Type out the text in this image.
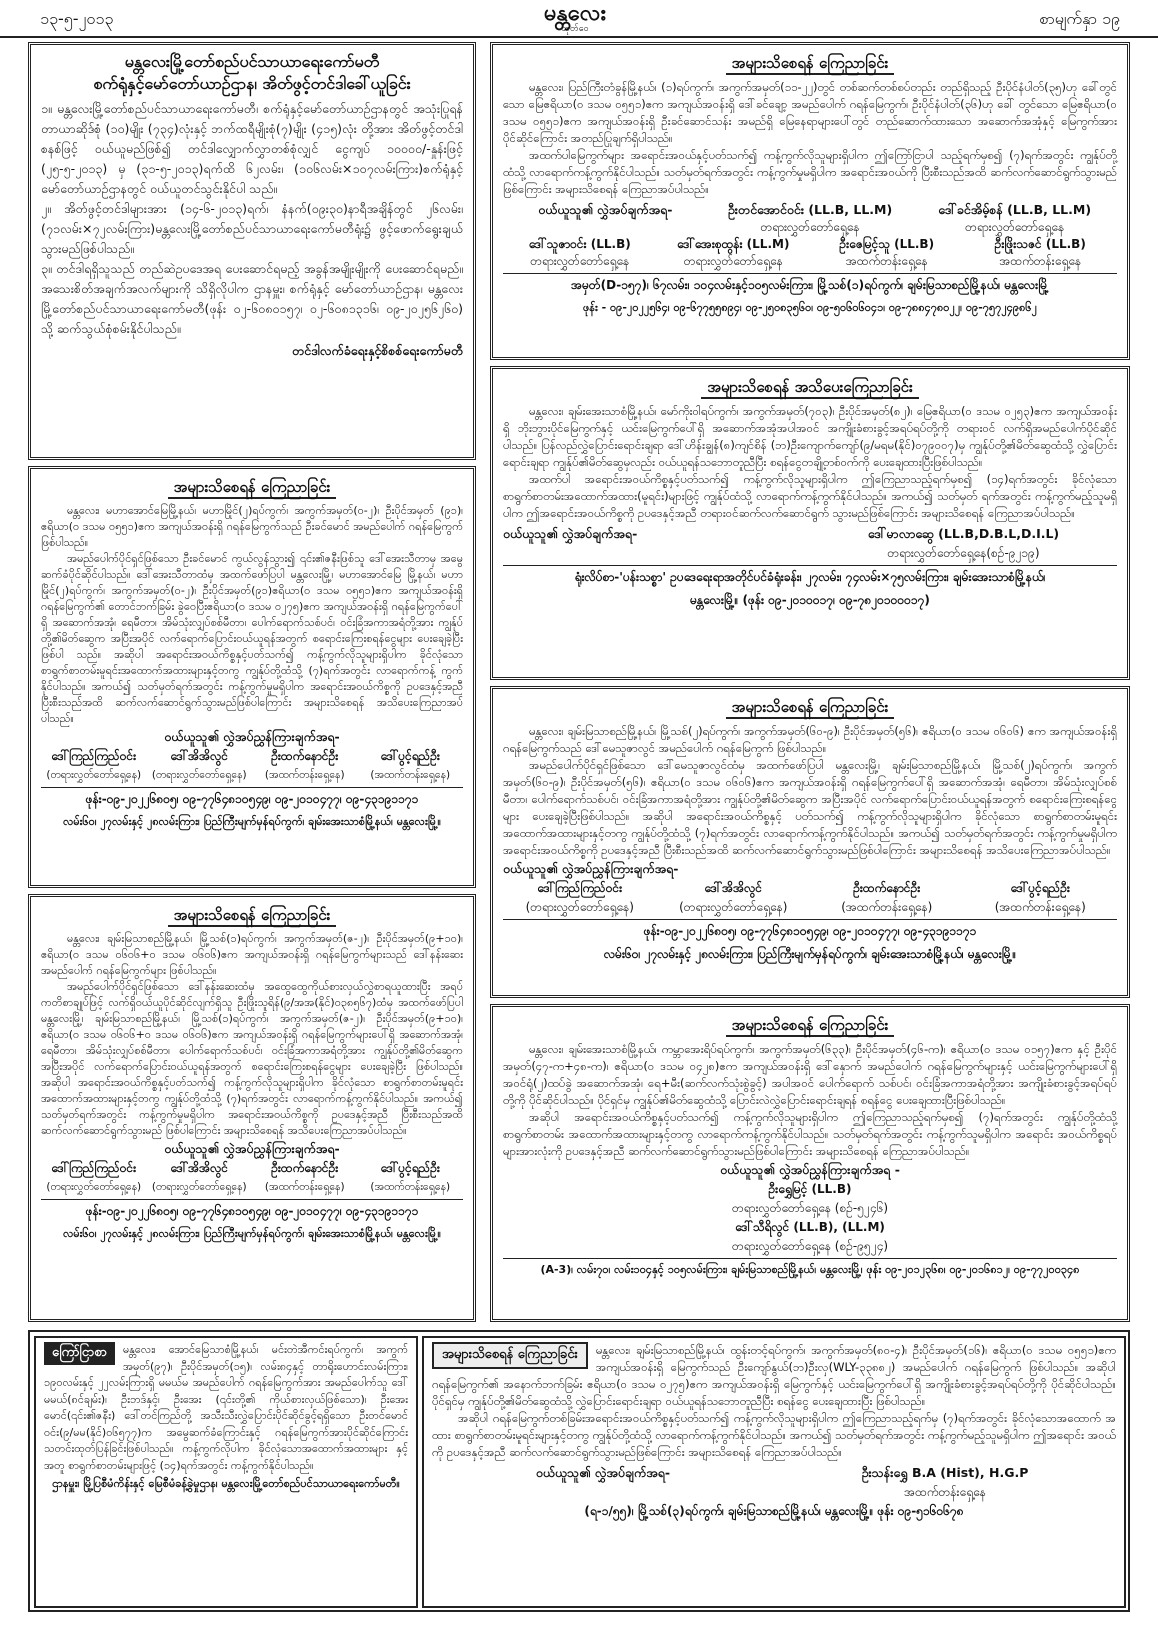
၁၃-၅-၂၀၁၃	မန္တလေး
ထုတ်ဝေ
စာမျက်နှာ ၁၉
မန္တလေးမြို့တော်စည်ပင်သာယာရေးကော်မတီ
စက်ရုံနှင့်မော်တော်ယာဉ်ဌာန၊ အိတ်ဖွင့်တင်ဒါခေါ်ယူခြင်း

၁။ မန္တလေးမြို့တော်စည်ပင်သာယာရေးကော်မတီ၊ စက်ရုံနှင့်မော်တော်ယာဉ်ဌာနတွင် အသုံးပြုရန် တာယာဆိုဒ်စုံ (၁၀)မျိုး (၇၃၄)လုံးနှင့် ဘက်ထရီမျိုးစုံ(၇)မျိုး (၄၁၅)လုံး တို့အား အိတ်ဖွင့်တင်ဒါစနစ်ဖြင့် ဝယ်ယူမည်ဖြစ်၍ တင်ဒါလျှောက်လွှာတစ်စုံလျှင် ငွေကျပ် ၁၀၀၀၀/-နှုန်းဖြင့် (၂၅-၅-၂၀၁၃) မှ (၃၁-၅-၂၀၁၃)ရက်ထိ ၆၂လမ်း၊ (၁၀၆လမ်း×၁၀၇လမ်းကြား)စက်ရုံနှင့်မော်တော်ယာဉ်ဌာနတွင် ဝယ်ယူတင်သွင်းနိုင်ပါ သည်။

၂။ အိတ်ဖွင့်တင်ဒါများအား (၁၄-၆-၂၀၁၃)ရက်၊ နံနက်(၀၉း၃၀)နာရီအချိန်တွင် ၂၆လမ်း၊ (၇၁လမ်း×၇၂လမ်းကြား)မန္တလေးမြို့တော်စည်ပင်သာယာရေးကော်မတီရုံး၌ ဖွင့်ဖောက်ရွေးချယ်သွားမည်ဖြစ်ပါသည်။

၃။ တင်ဒါရရှိသူသည် တည်ဆဲဥပဒေအရ ပေးဆောင်ရမည့် အခွန်အမျိုးမျိုးကို ပေးဆောင်ရမည်။ အသေးစိတ်အချက်အလက်များကို သိရှိလိုပါက ဌာနမှူး၊ စက်ရုံနှင့် မော်တော်ယာဉ်ဌာန၊ မန္တလေးမြို့တော်စည်ပင်သာယာရေးကော်မတီ(ဖုန်း ၀၂-၆၀၈၀၁၅၇၊ ၀၂-၆၀၈၁၃၁၆၊ ၀၉-၂၀၂၅၆၂၆၀) သို့ ဆက်သွယ်စုံစမ်းနိုင်ပါသည်။

တင်ဒါလက်ခံရေးနှင့်စိစစ်ရေးကော်မတီ
အများသိစေရန် ကြေညာခြင်း

မန္တလေး၊ ပြည်ကြီးတံခွန်မြို့နယ်၊ (၁)ရပ်ကွက်၊ အကွက်အမှတ်(၁၁-၂၂)တွင် တစ်ဆက်တစ်စပ်တည်း တည်ရှိသည့် ဦးပိုင်နံပါတ်(၃၅)ဟု ခေါ်တွင်သော မြေဧရိယာ(၀ ဒသမ ၀၅၅၁)ဧက အကျယ်အဝန်းရှိ ဒေါ်ခင်ချော့ အမည်ပေါက် ဂရန်မြေကွက်၊ ဦးပိုင်နံပါတ်(၃၆)ဟု ခေါ် တွင်သော မြေဧရိယာ(၀ ဒသမ ၀၅၅၁)ဧက အကျယ်အဝန်းရှိ ဦးခင်ဆောင်သန်း အမည်ရှိ မြေနေရာများပေါ်တွင် တည်ဆောက်ထားသော အဆောက်အအုံနှင့် မြေကွက်အား ပိုင်ဆိုင်ကြောင်း အတည်ပြုချက်ရှိပါသည်။

အထက်ပါမြေကွက်များ အရောင်းအဝယ်နှင့်ပတ်သက်၍ ကန့်ကွက်လိုသူများရှိပါက ဤကြော်ငြာပါ သည့်ရက်မှစ၍ (၇)ရက်အတွင်း ကျွန်ုပ်တို့ထံသို့ လာရောက်ကန့်ကွက်နိုင်ပါသည်။ သတ်မှတ်ရက်အတွင်း ကန့်ကွက်မှုမရှိပါက အရောင်းအဝယ်ကို ပြီးစီးသည်အထိ ဆက်လက်ဆောင်ရွက်သွားမည်ဖြစ်ကြောင်း အများသိစေရန် ကြေညာအပ်ပါသည်။

ဝယ်ယူသူ၏ လွှဲအပ်ချက်အရ-	ဦးတင်အောင်ဝင်း (LL.B, LL.M)	ဒေါ်ခင်အိမ့်စန် (LL.B, LL.M)
တရားလွှတ်တော်ရှေ့နေ	တရားလွှတ်တော်ရှေ့နေ
ဒေါ်သူဇာဝင်း (LL.B)	ဒေါ်အေးစုထွန်း (LL.M)	ဦးဇေမြင့်သူ (LL.B)	ဦးဖြိုးသဇင် (LL.B)
တရားလွှတ်တော်ရှေ့နေ	တရားလွှတ်တော်ရှေ့နေ	အထက်တန်းရှေ့နေ	အထက်တန်းရှေ့နေ
အမှတ်(D-၁၅၇)၊ ၆၇လမ်း၊ ၁၀၄လမ်းနှင့်၁၀၅လမ်းကြား၊ မြို့သစ်(၁)ရပ်ကွက်၊ ချမ်းမြသာစည်မြို့နယ်၊ မန္တလေးမြို့
ဖုန်း - ၀၉-၂၀၂၂၅၆၄၊ ၀၉-၆၇၇၅၅၈၉၄၊ ၀၉-၂၅၀၈၃၅၆၀၊ ၀၉-၅၀၆၀၆၀၄၁၊ ၀၉-၇၈၈၄၇၈၀၂၂၊ ၀၉-၇၅၇၂၄၉၈၆၂
အများသိစေရန် ကြေညာခြင်း

မန္တလေး၊ မဟာအောင်မြေမြို့နယ်၊ မဟာမြိုင်(၂)ရပ်ကွက်၊ အကွက်အမှတ်(၀-၂)၊ ဦးပိုင်အမှတ် (၉၁)၊ ဧရိယာ(၀ ဒသမ ၀၅၅၁)ဧက အကျယ်အဝန်းရှိ ဂရန်မြေကွက်သည် ဦးခင်မောင် အမည်ပေါက် ဂရန်မြေကွက် ဖြစ်ပါသည်။

အမည်ပေါက်ပိုင်ရှင်ဖြစ်သော ဦးခင်မောင် ကွယ်လွန်သွား၍ ၎င်း၏ဇနီးဖြစ်သူ ဒေါ်အေးသီတာမှ အမွေဆက်ခံပိုင်ဆိုင်ပါသည်။ ဒေါ်အေးသီတာထံမှ အထက်ဖော်ပြပါ မန္တလေးမြို့၊ မဟာအောင်မြေ မြို့နယ်၊ မဟာမြိုင်(၂)ရပ်ကွက်၊ အကွက်အမှတ်(၀-၂)၊ ဦးပိုင်အမှတ်(၉၁)ဧရိယာ(၀ ဒသမ ၀၅၅၁)ဧက အကျယ်အဝန်းရှိ ဂရန်မြေကွက်၏ တောင်ဘက်ခြမ်း ခွဲဝေပြီးဧရိယာ(၀ ဒသမ ၀၂၇၅)ဧက အကျယ်အဝန်းရှိ ဂရန်မြေကွက်ပေါ်ရှိ အဆောက်အအုံ၊ ရေမီတာ၊ အိမ်သုံးလျှပ်စစ်မီတာ၊ ပေါက်ရောက်သစ်ပင်၊ ဝင်းခြံအကာအရံတို့အား ကျွန်ုပ်တို့၏မိတ်ဆွေက အပြီးအပိုင် လက်ရောက်ပြောင်းဝယ်ယူရန်အတွက် စရောင်းကြေးစရန်ငွေများ ပေးချေခဲ့ပြီးဖြစ်ပါ သည်။ အဆိုပါ အရောင်းအဝယ်ကိစ္စနှင့်ပတ်သက်၍ ကန့်ကွက်လိုသူများရှိပါက ခိုင်လုံသော စာရွက်စာတမ်းမူရင်းအထောက်အထားများနှင့်တကွ ကျွန်ုပ်တို့ထံသို့ (၇)ရက်အတွင်း လာရောက်ကန့် ကွက်နိုင်ပါသည်။ အကယ်၍ သတ်မှတ်ရက်အတွင်း ကန့်ကွက်မှုမရှိပါက အရောင်းအဝယ်ကိစ္စကို ဥပဒေနှင့်အညီ ပြီးစီးသည်အထိ ဆက်လက်ဆောင်ရွက်သွားမည်ဖြစ်ပါကြောင်း အများသိစေရန် အသိပေးကြေညာအပ်ပါသည်။

ဝယ်ယူသူ၏ လွှဲအပ်ညွှန်ကြားချက်အရ-
ဒေါ်ကြည်ကြည်ဝင်း	ဒေါ်အိအိလွင်	ဦးထက်နောင်ဦး	ဒေါ်ပွင့်ရည်ဦး
(တရားလွှတ်တော်ရှေ့နေ)	(တရားလွှတ်တော်ရှေ့နေ)	(အထက်တန်းရှေ့နေ)	(အထက်တန်းရှေ့နေ)
ဖုန်း-၀၉-၂၀၂၂၆၈၀၅၊ ၀၉-၇၇၆၄၈၁၀၅၄၉၊ ၀၉-၂၀၁၀၄၇၇၊ ၀၉-၄၃၁၉၁၁၇၁
လမ်း၆၀၊ ၂၇လမ်းနှင့် ၂၈လမ်းကြား၊ ပြည်ကြီးမျက်မှန်ရပ်ကွက်၊ ချမ်းအေးသာစံမြို့နယ်၊ မန္တလေးမြို့။
အများသိစေရန် အသိပေးကြေညာခြင်း

မန္တလေး၊ ချမ်းအေးသာစံမြို့နယ်၊ မော်ကိုးဝါရပ်ကွက်၊ အကွက်အမှတ်(၇၀၃)၊ ဦးပိုင်အမှတ်(၈၂)၊ မြေဧရိယာ(၀ ဒသမ ၀၂၅၃)ဧက အကျယ်အဝန်းရှိ ဘိုးဘွားပိုင်မြေကွက်နှင့် ယင်းမြေကွက်ပေါ်ရှိ အဆောက်အအုံအပါအဝင် အကျိုးခံစားခွင့်အရပ်ရပ်တို့ကို တရားဝင် လက်ရှိအမည်ပေါက်ပိုင်ဆိုင်ပါသည်။ ပြန်လည်လွှဲပြောင်းရောင်းချရာ ဒေါ်ဟိန်းချွန်(၈)ကျင်စိန် (ဘ)ဦးကျောက်ကျော်(၉/မရမ(နိုင်)၀၇၉၀၀၇)မှ ကျွန်ုပ်တို့၏မိတ်ဆွေထံသို့ လွှဲပြောင်းရောင်းချရာ ကျွန်ုပ်၏မိတ်ဆွေမှလည်း ဝယ်ယူရန်သဘောတူညီပြီး စရန်ငွေတချို့တစ်ဝက်ကို ပေးချေထားပြီးဖြစ်ပါသည်။

အထက်ပါ အရောင်းအဝယ်ကိစ္စနှင့်ပတ်သက်၍ ကန့်ကွက်လိုသူများရှိပါက ဤကြေညာသည့်ရက်မှစ၍ (၁၄)ရက်အတွင်း ခိုင်လုံသော စာရွက်စာတမ်းအထောက်အထား(မူရင်း)များဖြင့် ကျွန်ုပ်ထံသို့ လာရောက်ကန့်ကွက်နိုင်ပါသည်။ အကယ်၍ သတ်မှတ် ရက်အတွင်း ကန့်ကွက်မည့်သူမရှိပါက ဤအရောင်းအဝယ်ကိစ္စကို ဥပဒေနှင့်အညီ တရားဝင်ဆက်လက်ဆောင်ရွက် သွားမည်ဖြစ်ကြောင်း အများသိစေရန် ကြေညာအပ်ပါသည်။

ဝယ်ယူသူ၏ လွှဲအပ်ချက်အရ-	ဒေါ်မာလာဆွေ (LL.B,D.B.L,D.I.L)
တရားလွှတ်တော်ရှေ့နေ(စဉ်-၉၂၁၉)
ရုံးလိပ်စာ-'ပန်းသစ္စာ' ဥပဒေရေးရာအတိုင်ပင်ခံရုံးခန်း၊ ၂၇လမ်း၊ ၇၄လမ်း×၇၅လမ်းကြား၊ ချမ်းအေးသာစံမြို့နယ်၊
မန္တလေးမြို့။ (ဖုန်း ၀၉-၂၀၁၀၀၁၇၊ ၀၉-၇၈၂၀၁၀၀၀၁၇)
အများသိစေရန် ကြေညာခြင်း

မန္တလေး၊ ချမ်းမြသာစည်မြို့နယ်၊ မြို့သစ်(၂)ရပ်ကွက်၊ အကွက်အမှတ်(၆၀-၉)၊ ဦးပိုင်အမှတ်(၅၆)၊ ဧရိယာ(၀ ဒသမ ၀၆၀၆) ဧက အကျယ်အဝန်းရှိ ဂရန်မြေကွက်သည် ဒေါ်မေသူဇာလွင် အမည်ပေါက် ဂရန်မြေကွက် ဖြစ်ပါသည်။

အမည်ပေါက်ပိုင်ရှင်ဖြစ်သော ဒေါ်မေသူဇာလွင်ထံမှ အထက်ဖော်ပြပါ မန္တလေးမြို့၊ ချမ်းမြသာစည်မြို့နယ်၊ မြို့သစ်(၂)ရပ်ကွက်၊ အကွက်အမှတ်(၆၀-၉)၊ ဦးပိုင်အမှတ်(၅၆)၊ ဧရိယာ(၀ ဒသမ ၀၆၀၆)ဧက အကျယ်အဝန်းရှိ ဂရန်မြေကွက်ပေါ်ရှိ အဆောက်အအုံ၊ ရေမီတာ၊ အိမ်သုံးလျှပ်စစ်မီတာ၊ ပေါက်ရောက်သစ်ပင်၊ ဝင်းခြံအကာအရံတို့အား ကျွန်ုပ်တို့၏မိတ်ဆွေက အပြီးအပိုင် လက်ရောက်ပြောင်းဝယ်ယူရန်အတွက် စရောင်းကြေးစရန်ငွေများ ပေးချေခဲ့ပြီးဖြစ်ပါသည်။ အဆိုပါ အရောင်းအဝယ်ကိစ္စနှင့် ပတ်သက်၍ ကန့်ကွက်လိုသူများရှိပါက ခိုင်လုံသော စာရွက်စာတမ်းမူရင်းအထောက်အထားများနှင့်တကွ ကျွန်ုပ်တို့ထံသို့ (၇)ရက်အတွင်း လာရောက်ကန့်ကွက်နိုင်ပါသည်။ အကယ်၍ သတ်မှတ်ရက်အတွင်း ကန့်ကွက်မှုမရှိပါက အရောင်းအဝယ်ကိစ္စကို ဥပဒေနှင့်အညီ ပြီးစီးသည်အထိ ဆက်လက်ဆောင်ရွက်သွားမည်ဖြစ်ပါကြောင်း အများသိစေရန် အသိပေးကြေညာအပ်ပါသည်။

ဝယ်ယူသူ၏ လွှဲအပ်ညွှန်ကြားချက်အရ-
ဒေါ်ကြည်ကြည်ဝင်း	ဒေါ်အိအိလွင်	ဦးထက်နောင်ဦး	ဒေါ်ပွင့်ရည်ဦး
(တရားလွှတ်တော်ရှေ့နေ)	(တရားလွှတ်တော်ရှေ့နေ)	(အထက်တန်းရှေ့နေ)	(အထက်တန်းရှေ့နေ)
ဖုန်း-၀၉-၂၀၂၂၆၈၀၅၊ ၀၉-၇၇၆၄၈၁၀၅၄၉၊ ၀၉-၂၀၁၀၄၇၇၊ ၀၉-၄၃၁၉၁၁၇၁
လမ်း၆၀၊ ၂၇လမ်းနှင့် ၂၈လမ်းကြား၊ ပြည်ကြီးမျက်မှန်ရပ်ကွက်၊ ချမ်းအေးသာစံမြို့နယ်၊ မန္တလေးမြို့။
အများသိစေရန် ကြေညာခြင်း

မန္တလေး၊ ချမ်းမြသာစည်မြို့နယ်၊ မြို့သစ်(၁)ရပ်ကွက်၊ အကွက်အမှတ်(ဇ-၂)၊ ဦးပိုင်အမှတ်(၉+၁၀)၊ ဧရိယာ(၀ ဒသမ ၀၆၀၆+၀ ဒသမ ၀၆၀၆)ဧက အကျယ်အဝန်းရှိ ဂရန်မြေကွက်များသည် ဒေါ်နန်းဆေး အမည်ပေါက် ဂရန်မြေကွက်များ ဖြစ်ပါသည်။

အမည်ပေါက်ပိုင်ရှင်ဖြစ်သော ဒေါ်နန်းဆေးထံမှ အထွေထွေကိုယ်စားလှယ်လွှဲစာရယူထားပြီး အရပ် ကတိစာချုပ်ဖြင့် လက်ရှိဝယ်ယူပိုင်ဆိုင်လျက်ရှိသူ ဦးဖြိုးသူရိန်(၉/အအ(နိုင်)၀၃၈၅၆၇)ထံမှ အထက်ဖော်ပြပါ မန္တလေးမြို့၊ ချမ်းမြသာစည်မြို့နယ်၊ မြို့သစ်(၁)ရပ်ကွက်၊ အကွက်အမှတ်(ဇ-၂)၊ ဦးပိုင်အမှတ်(၉+၁၀)၊ ဧရိယာ(၀ ဒသမ ၀၆၀၆+၀ ဒသမ ၀၆၀၆)ဧက အကျယ်အဝန်းရှိ ဂရန်မြေကွက်များပေါ်ရှိ အဆောက်အအုံ၊ ရေမီတာ၊ အိမ်သုံးလျှပ်စစ်မီတာ၊ ပေါက်ရောက်သစ်ပင်၊ ဝင်းခြံအကာအရံတို့အား ကျွန်ုပ်တို့၏မိတ်ဆွေက အပြီးအပိုင် လက်ရောက်ပြောင်းဝယ်ယူရန်အတွက် စရောင်းကြေးစရန်ငွေများ ပေးချေခဲ့ပြီး ဖြစ်ပါသည်။ အဆိုပါ အရောင်းအဝယ်ကိစ္စနှင့်ပတ်သက်၍ ကန့်ကွက်လိုသူများရှိပါက ခိုင်လုံသော စာရွက်စာတမ်းမူရင်း အထောက်အထားများနှင့်တကွ ကျွန်ုပ်တို့ထံသို့ (၇)ရက်အတွင်း လာရောက်ကန့်ကွက်နိုင်ပါသည်။ အကယ်၍ သတ်မှတ်ရက်အတွင်း ကန့်ကွက်မှုမရှိပါက အရောင်းအဝယ်ကိစ္စကို ဥပဒေနှင့်အညီ ပြီးစီးသည်အထိ ဆက်လက်ဆောင်ရွက်သွားမည် ဖြစ်ပါကြောင်း အများသိစေရန် အသိပေးကြေညာအပ်ပါသည်။

ဝယ်ယူသူ၏ လွှဲအပ်ညွှန်ကြားချက်အရ-
ဒေါ်ကြည်ကြည်ဝင်း	ဒေါ်အိအိလွင်	ဦးထက်နောင်ဦး	ဒေါ်ပွင့်ရည်ဦး
(တရားလွှတ်တော်ရှေ့နေ)	(တရားလွှတ်တော်ရှေ့နေ)	(အထက်တန်းရှေ့နေ)	(အထက်တန်းရှေ့နေ)
ဖုန်း-၀၉-၂၀၂၂၆၈၀၅၊ ၀၉-၇၇၆၄၈၁၀၅၄၉၊ ၀၉-၂၀၁၀၄၇၇၊ ၀၉-၄၃၁၉၁၁၇၁
လမ်း၆၀၊ ၂၇လမ်းနှင့် ၂၈လမ်းကြား၊ ပြည်ကြီးမျက်မှန်ရပ်ကွက်၊ ချမ်းအေးသာစံမြို့နယ်၊ မန္တလေးမြို့။
အများသိစေရန် ကြေညာခြင်း

မန္တလေး၊ ချမ်းအေးသာစံမြို့နယ်၊ ကမ္ဘာအေးရိပ်ရပ်ကွက်၊ အကွက်အမှတ်(၆၃၃)၊ ဦးပိုင်အမှတ်(၄၆-က)၊ ဧရိယာ(၀ ဒသမ ၀၁၅၇)ဧက နှင့် ဦးပိုင်အမှတ်(၄၇-က+၄၈-က)၊ ဧရိယာ(၀ ဒသမ ၀၄၂၈)ဧက အကျယ်အဝန်းရှိ ဒေါ်နှောက် အမည်ပေါက် ဂရန်မြေကွက်များနှင့် ယင်းမြေကွက်များပေါ်ရှိ အဝင်ရုံ(၂)ထပ်ခွဲ အဆောက်အအုံ၊ ရေ+မီး(ဆက်လက်သုံးစွဲခွင့်) အပါအဝင် ပေါက်ရောက် သစ်ပင်၊ ဝင်းခြံအကာအရံတို့အား အကျိုးခံစားခွင့်အရပ်ရပ်တို့ကို ပိုင်ဆိုင်ပါသည်။ ပိုင်ရှင်မှ ကျွန်ုပ်၏မိတ်ဆွေထံသို့ ပြောင်းလဲလွှဲပြောင်းရောင်းချရန် စရန်ငွေ ပေးချေထားပြီးဖြစ်ပါသည်။

အဆိုပါ အရောင်းအဝယ်ကိစ္စနှင့်ပတ်သက်၍ ကန့်ကွက်လိုသူများရှိပါက ဤကြေညာသည့်ရက်မှစ၍ (၇)ရက်အတွင်း ကျွန်ုပ်တို့ထံသို့ စာရွက်စာတမ်း အထောက်အထားများနှင့်တကွ လာရောက်ကန့်ကွက်နိုင်ပါသည်။ သတ်မှတ်ရက်အတွင်း ကန့်ကွက်သူမရှိပါက အရောင်း အဝယ်ကိစ္စရပ်များအားလုံးကို ဥပဒေနှင့်အညီ ဆက်လက်ဆောင်ရွက်သွားမည်ဖြစ်ပါကြောင်း အများသိစေရန် ကြေညာအပ်ပါသည်။

ဝယ်ယူသူ၏ လွှဲအပ်ညွှန်ကြားချက်အရ -
ဦးရွှေမြင့် (LL.B)
တရားလွှတ်တော်ရှေ့နေ (စဉ်-၅၂၄၆)
ဒေါ်သီရိလွင် (LL.B), (LL.M)
တရားလွှတ်တော်ရှေ့နေ (စဉ်-၉၅၂၄)
(A-3)၊ လမ်း၇၀၊ လမ်း၁၀၄နှင့် ၁၀၅လမ်းကြား၊ ချမ်းမြသာစည်မြို့နယ်၊ မန္တလေးမြို့၊ ဖုန်း ၀၉-၂၀၁၂၃၆၈၊ ၀၉-၂၀၁၆၈၁၂၊ ၀၉-၇၇၂၀၀၃၄၈
ကြော်ငြာစာ	မန္တလေး၊ အောင်မြေသာစံမြို့နယ်၊ မင်းတဲအီကင်းရပ်ကွက်၊ အကွက်အမှတ်(၉၇)၊ ဦးပိုင်အမှတ်(၁၅)၊ လမ်း၈၄နှင့် တာရိုးဟောင်းလမ်းကြား၊ ၁၉၀လမ်းနှင့် ၂၂လမ်းကြားရှိ မမယ်မ အမည်ပေါက် ဂရန်မြေကွက်အား အမည်ပေါက်သူ ဒေါ်မမယ်(၈င်ချမ်း)၊ ဦးဘဒ်နှင့်၊ ဦးအေး (၎င်းတို့၏ ကိုယ်စားလှယ်ဖြစ်သော)၊ ဦးအေးမောင်(၎င်း၏ဇနီး) ဒေါ်တင်ကြည်တို့ အသီးသီးလွှဲပြောင်းပိုင်ဆိုင်ခွင့်ရရှိသော ဦးတင်မောင် ဝင်း(၉/မမ(နိုင်)၀၆၅၇၇)က အမွေဆက်ခံကြောင်းနှင့် ဂရန်မြေကွက်အားပိုင်ဆိုင်ကြောင်း သတင်းထုတ်ပြန်ခြင်းဖြစ်ပါသည်။ ကန့်ကွက်လိုပါက ခိုင်လုံသောအထောက်အထားများ နှင့်အတူ စာရွက်စာတမ်းများဖြင့် (၁၄)ရက်အတွင်း ကန့်ကွက်နိုင်ပါသည်။

ဌာနမှူး၊ မြို့ပြစီမံကိန်းနှင့် မြေစီမံခန့်ခွဲမှုဌာန၊ မန္တလေးမြို့တော်စည်ပင်သာယာရေးကော်မတီ။
အများသိစေရန် ကြေညာခြင်း	မန္တလေး၊ ချမ်းမြသာစည်မြို့နယ်၊ ထွန်းတင့်ရပ်ကွက်၊ အကွက်အမှတ်(၈၀-၄)၊ ဦးပိုင်အမှတ်(၁၆)၊ ဧရိယာ(၀ ဒသမ ၀၅၅၁)ဧက အကျယ်အဝန်းရှိ မြေကွက်သည် ဦးကျော်နွယ်(ဘ)ဦးလှ(WLY-၃၃၈၈၂) အမည်ပေါက် ဂရန်မြေကွက် ဖြစ်ပါသည်။ အဆိုပါ ဂရန်မြေကွက်၏ အနောက်ဘက်ခြမ်း ဧရိယာ(၀ ဒသမ ၀၂၇၅)ဧက အကျယ်အဝန်းရှိ မြေကွက်နှင့် ယင်းမြေကွက်ပေါ်ရှိ အကျိုးခံစားခွင့်အရပ်ရပ်တို့ကို ပိုင်ဆိုင်ပါသည်။ ပိုင်ရှင်မှ ကျွန်ုပ်တို့၏မိတ်ဆွေထံသို့ လွှဲပြောင်းရောင်းချရာ ဝယ်ယူရန်သဘောတူညီပြီး စရန်ငွေ ပေးချေထားပြီး ဖြစ်ပါသည်။

အဆိုပါ ဂရန်မြေကွက်တစ်ခြမ်းအရောင်းအဝယ်ကိစ္စနှင့်ပတ်သက်၍ ကန့်ကွက်လိုသူများရှိပါက ဤကြေညာသည့်ရက်မှ (၇)ရက်အတွင်း ခိုင်လုံသောအထောက် အထား စာရွက်စာတမ်းမူရင်းများနှင့်တကွ ကျွန်ုပ်တို့ထံသို့ လာရောက်ကန့်ကွက်နိုင်ပါသည်။ အကယ်၍ သတ်မှတ်ရက်အတွင်း ကန့်ကွက်မည့်သူမရှိပါက ဤအရောင်း အဝယ်ကို ဥပဒေနှင့်အညီ ဆက်လက်ဆောင်ရွက်သွားမည်ဖြစ်ကြောင်း အများသိစေရန် ကြေညာအပ်ပါသည်။

ဝယ်ယူသူ၏ လွှဲအပ်ချက်အရ-	ဦးသန်းရွှေ B.A (Hist), H.G.P
အထက်တန်းရှေ့နေ
(ရ-၁/၅၅)၊ မြို့သစ်(၃)ရပ်ကွက်၊ ချမ်းမြသာစည်မြို့နယ်၊ မန္တလေးမြို့။ ဖုန်း ၀၉-၅၁၆၀၆၇၈
